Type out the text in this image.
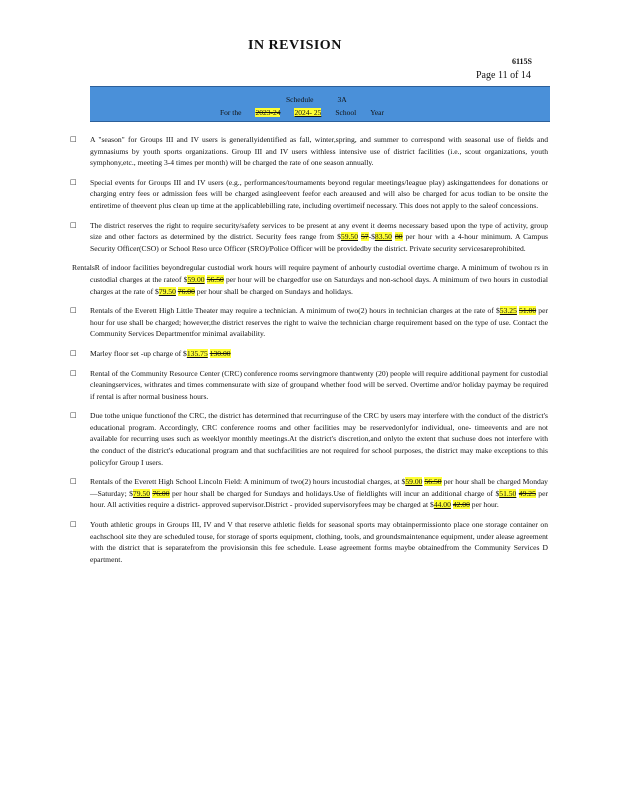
IN REVISION
6115S
Page 11 of 14
Schedule	3A
For the 2023-24 2024- 25 School Year
□ A "season" for Groups III and IV users is generallyidentified as fall, winter,spring, and summer to correspond with seasonal use of fields and gymnasiums by youth sports organizations. Group III and IV users withless intensive use of district facilities (i.e., scout organizations, youth symphony,etc., meeting 3-4 times per month) will be charged the rate of one season annually.
□ Special events for Groups III and IV users (e.g., performances/tournaments beyond regular meetings/league play) askingattendees for donations or charging entry fees or admission fees will be charged asingleevent feefor each areaused and will also be charged for acus todian to be onsite the entiretime of theevent plus clean up time at the applicablebilling rate, including overtimeif necessary. This does not apply to the saleof concessions.
□ The district reserves the right to require security/safety services to be present at any event it deems necessary based upon the type of activity, group size and other factors as determined by the district. Security fees range from $59.50 57-$83.50 80 per hour with a 4-hour minimum. A Campus Security Officer(CSO) or School Reso urce Officer (SRO)/Police Officer will be providedby the district. Private security servicesareprohibited.
RentalsR of indoor facilities beyondregular custodial work hours will require payment of anhourly custodial overtime charge. A minimum of twohou rs in custodial charges at the rateof $59.00 56.50 per hour will be chargedfor use on Saturdays and non-school days. A minimum of two hours in custodial charges at the rate of $79.50 76.00 per hour shall be charged on Sundays and holidays.
□ Rentals of the Everett High Little Theater may require a technician. A minimum of two(2) hours in technician charges at the rate of $53.25 51.00 per hour for use shall be charged; however,the district reserves the right to waive the technician charge requirement based on the type of use. Contact the Community Services Departmentfor minimal availability.
□ Marley floor set -up charge of $135.75 130.00
□ Rental of the Community Resource Center (CRC) conference rooms servingmore thantwenty (20) people will require additional payment for custodial cleaningservices, withrates and times commensurate with size of groupand whether food will be served. Overtime and/or holiday paymay be required if rental is after normal business hours.
□ Due tothe unique functionof the CRC, the district has determined that recurringuse of the CRC by users may interfere with the conduct of the district's educational program. Accordingly, CRC conference rooms and other facilities may be reservedonlyfor individual, one- timeevents and are not available for recurring uses such as weeklyor monthly meetings.At the district's discretion,and onlyto the extent that suchuse does not interfere with the conduct of the district's educational program and that suchfacilities are not required for school purposes, the district may make exceptions to this policyfor Group I users.
□ Rentals of the Everett High School Lincoln Field: A minimum of two(2) hours incustodial charges, at $59.00 56.50 per hour shall be charged Monday—Saturday; $79.50 76.00 per hour shall be charged for Sundays and holidays.Use of fieldlights will incur an additional charge of $51.50 49.25 per hour. All activities require a district- approved supervisor.District - provided supervisoryfees may be charged at $44.00 42.00 per hour.
□ Youth athletic groups in Groups III, IV and V that reserve athletic fields for seasonal sports may obtainpermissionto place one storage container on eachschool site they are scheduled touse, for storage of sports equipment, clothing, tools, and groundsmaintenance equipment, under alease agreement with the district that is separatefrom the provisionsin this fee schedule. Lease agreement forms maybe obtainedfrom the Community Services D epartment.
